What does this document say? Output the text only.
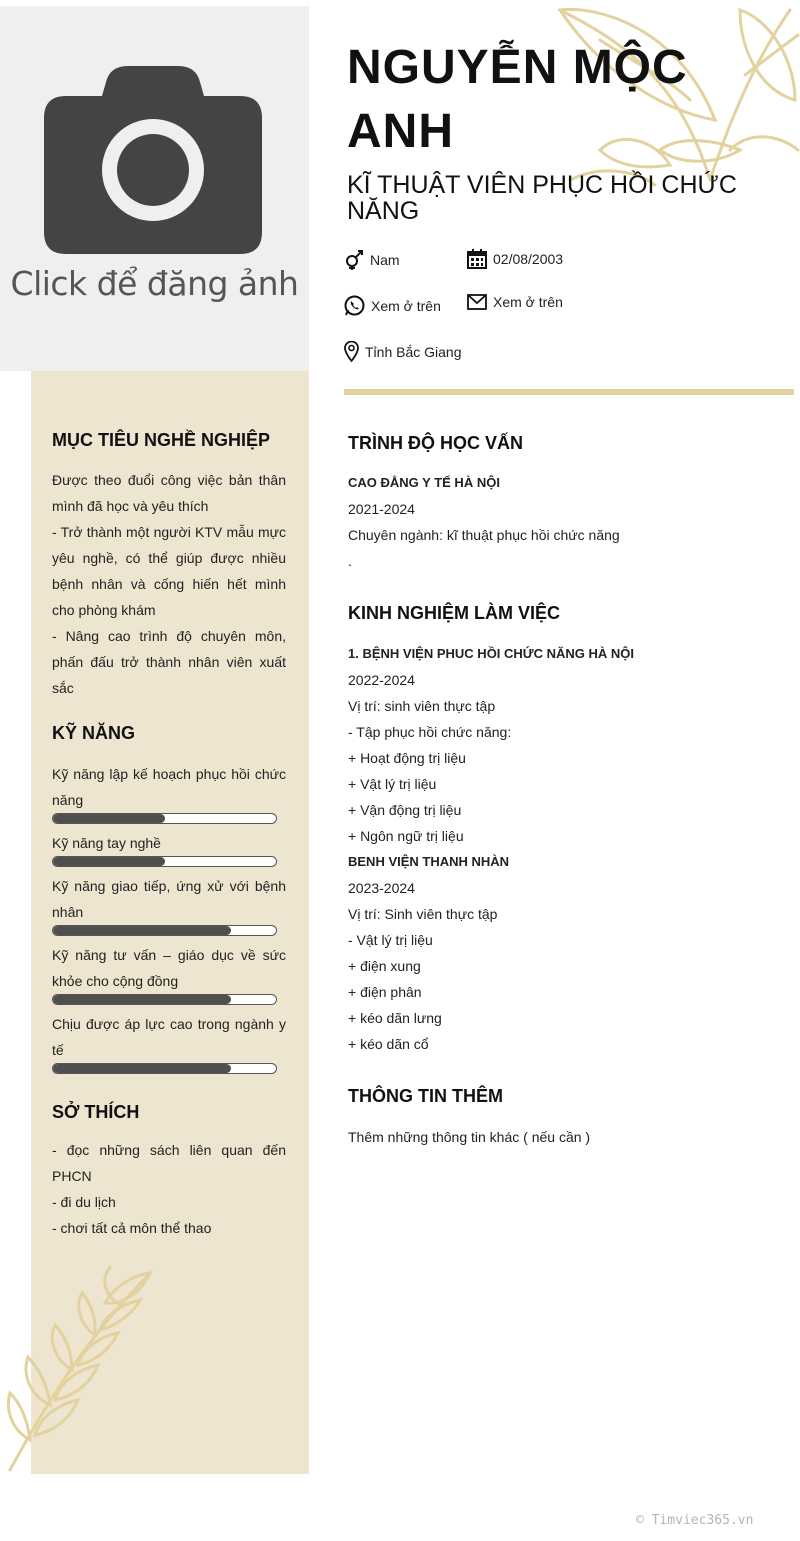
Click để đăng ảnh
NGUYỄN MỘC
ANH
KĨ THUẬT VIÊN PHỤC HỒI CHỨC NĂNG
Nam	02/08/2003
Xem ở trên	Xem ở trên
Tỉnh Bắc Giang
MỤC TIÊU NGHỀ NGHIỆP
Được theo đuổi công việc bản thân mình đã học và yêu thích
- Trở thành một người KTV mẫu mực yêu nghề, có thể giúp được nhiều bệnh nhân và cống hiến hết mình cho phòng khám
- Nâng cao trình độ chuyên môn, phấn đấu trở thành nhân viên xuất sắc
KỸ NĂNG
Kỹ năng lập kế hoạch phục hồi chức năng
Kỹ năng tay nghề
Kỹ năng giao tiếp, ứng xử với bệnh nhân
Kỹ năng tư vấn – giáo dục về sức khỏe cho cộng đồng
Chịu được áp lực cao trong ngành y tế
SỞ THÍCH
- đọc những sách liên quan đến PHCN
- đi du lịch
- chơi tất cả môn thể thao
TRÌNH ĐỘ HỌC VẤN
CAO ĐẲNG Y TẾ HÀ NỘI
2021-2024
Chuyên ngành: kĩ thuật phục hồi chức năng
.
KINH NGHIỆM LÀM VIỆC
1. BỆNH VIỆN PHUC HỒI CHỨC NĂNG HÀ NỘI
2022-2024
Vị trí: sinh viên thực tập
- Tập phục hồi chức năng:
+ Hoạt động trị liệu
+ Vật lý trị liệu
+ Vận động trị liệu
+ Ngôn ngữ trị liệu
BENH VIỆN THANH NHÀN
2023-2024
Vị trí: Sinh viên thực tập
- Vật lý trị liệu
+ điện xung
+ điện phân
+ kéo dãn lưng
+ kéo dãn cổ
THÔNG TIN THÊM
Thêm những thông tin khác ( nếu cần )
© Timviec365.vn
